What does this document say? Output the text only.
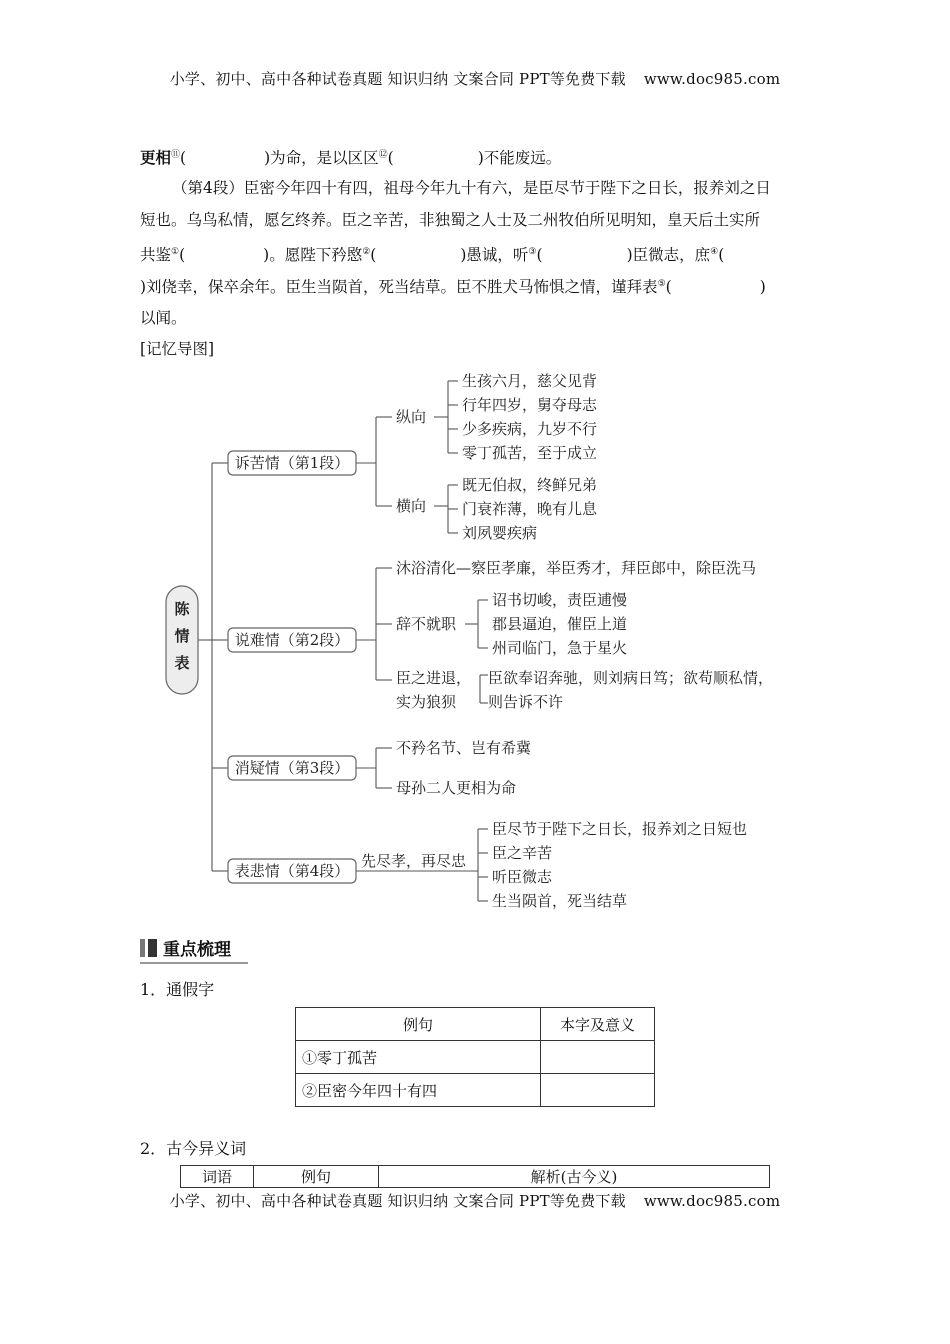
小学、初中、高中各种试卷真题 知识归纳 文案合同 PPT等免费下载 www.doc985.com
更相⑪(	)为命，是以区区⑫(	)不能废远。
（第4段）臣密今年四十有四，祖母今年九十有六，是臣尽节于陛下之日长，报养刘之日
短也。乌鸟私情，愿乞终养。臣之辛苦，非独蜀之人士及二州牧伯所见明知，皇天后土实所
共鉴①(	)。愿陛下矜愍②(	)愚诚，听③(	)臣微志，庶④(
)刘侥幸，保卒余年。臣生当陨首，死当结草。臣不胜犬马怖惧之情，谨拜表⑤(	)
以闻。
[记忆导图]
陈情表
诉苦情（第1段）
说难情（第2段）
消疑情（第3段）
表悲情（第4段）
纵向
横向
生孩六月，慈父见背
行年四岁，舅夺母志
少多疾病，九岁不行
零丁孤苦，至于成立
既无伯叔，终鲜兄弟
门衰祚薄，晚有儿息
刘夙婴疾病
沐浴清化—察臣孝廉，举臣秀才，拜臣郎中，除臣洗马
辞不就职
诏书切峻，责臣逋慢
郡县逼迫，催臣上道
州司临门，急于星火
臣之进退，
实为狼狈
臣欲奉诏奔驰，则刘病日笃；欲苟顺私情，
则告诉不许
不矜名节、岂有希冀
母孙二人更相为命
先尽孝，再尽忠
臣尽节于陛下之日长，报养刘之日短也
臣之辛苦
听臣微志
生当陨首，死当结草
重点梳理
1．通假字
例句	本字及意义
①零丁孤苦	
②臣密今年四十有四	
2．古今异义词
词语	例句	解析(古今义)
小学、初中、高中各种试卷真题 知识归纳 文案合同 PPT等免费下载 www.doc985.com
